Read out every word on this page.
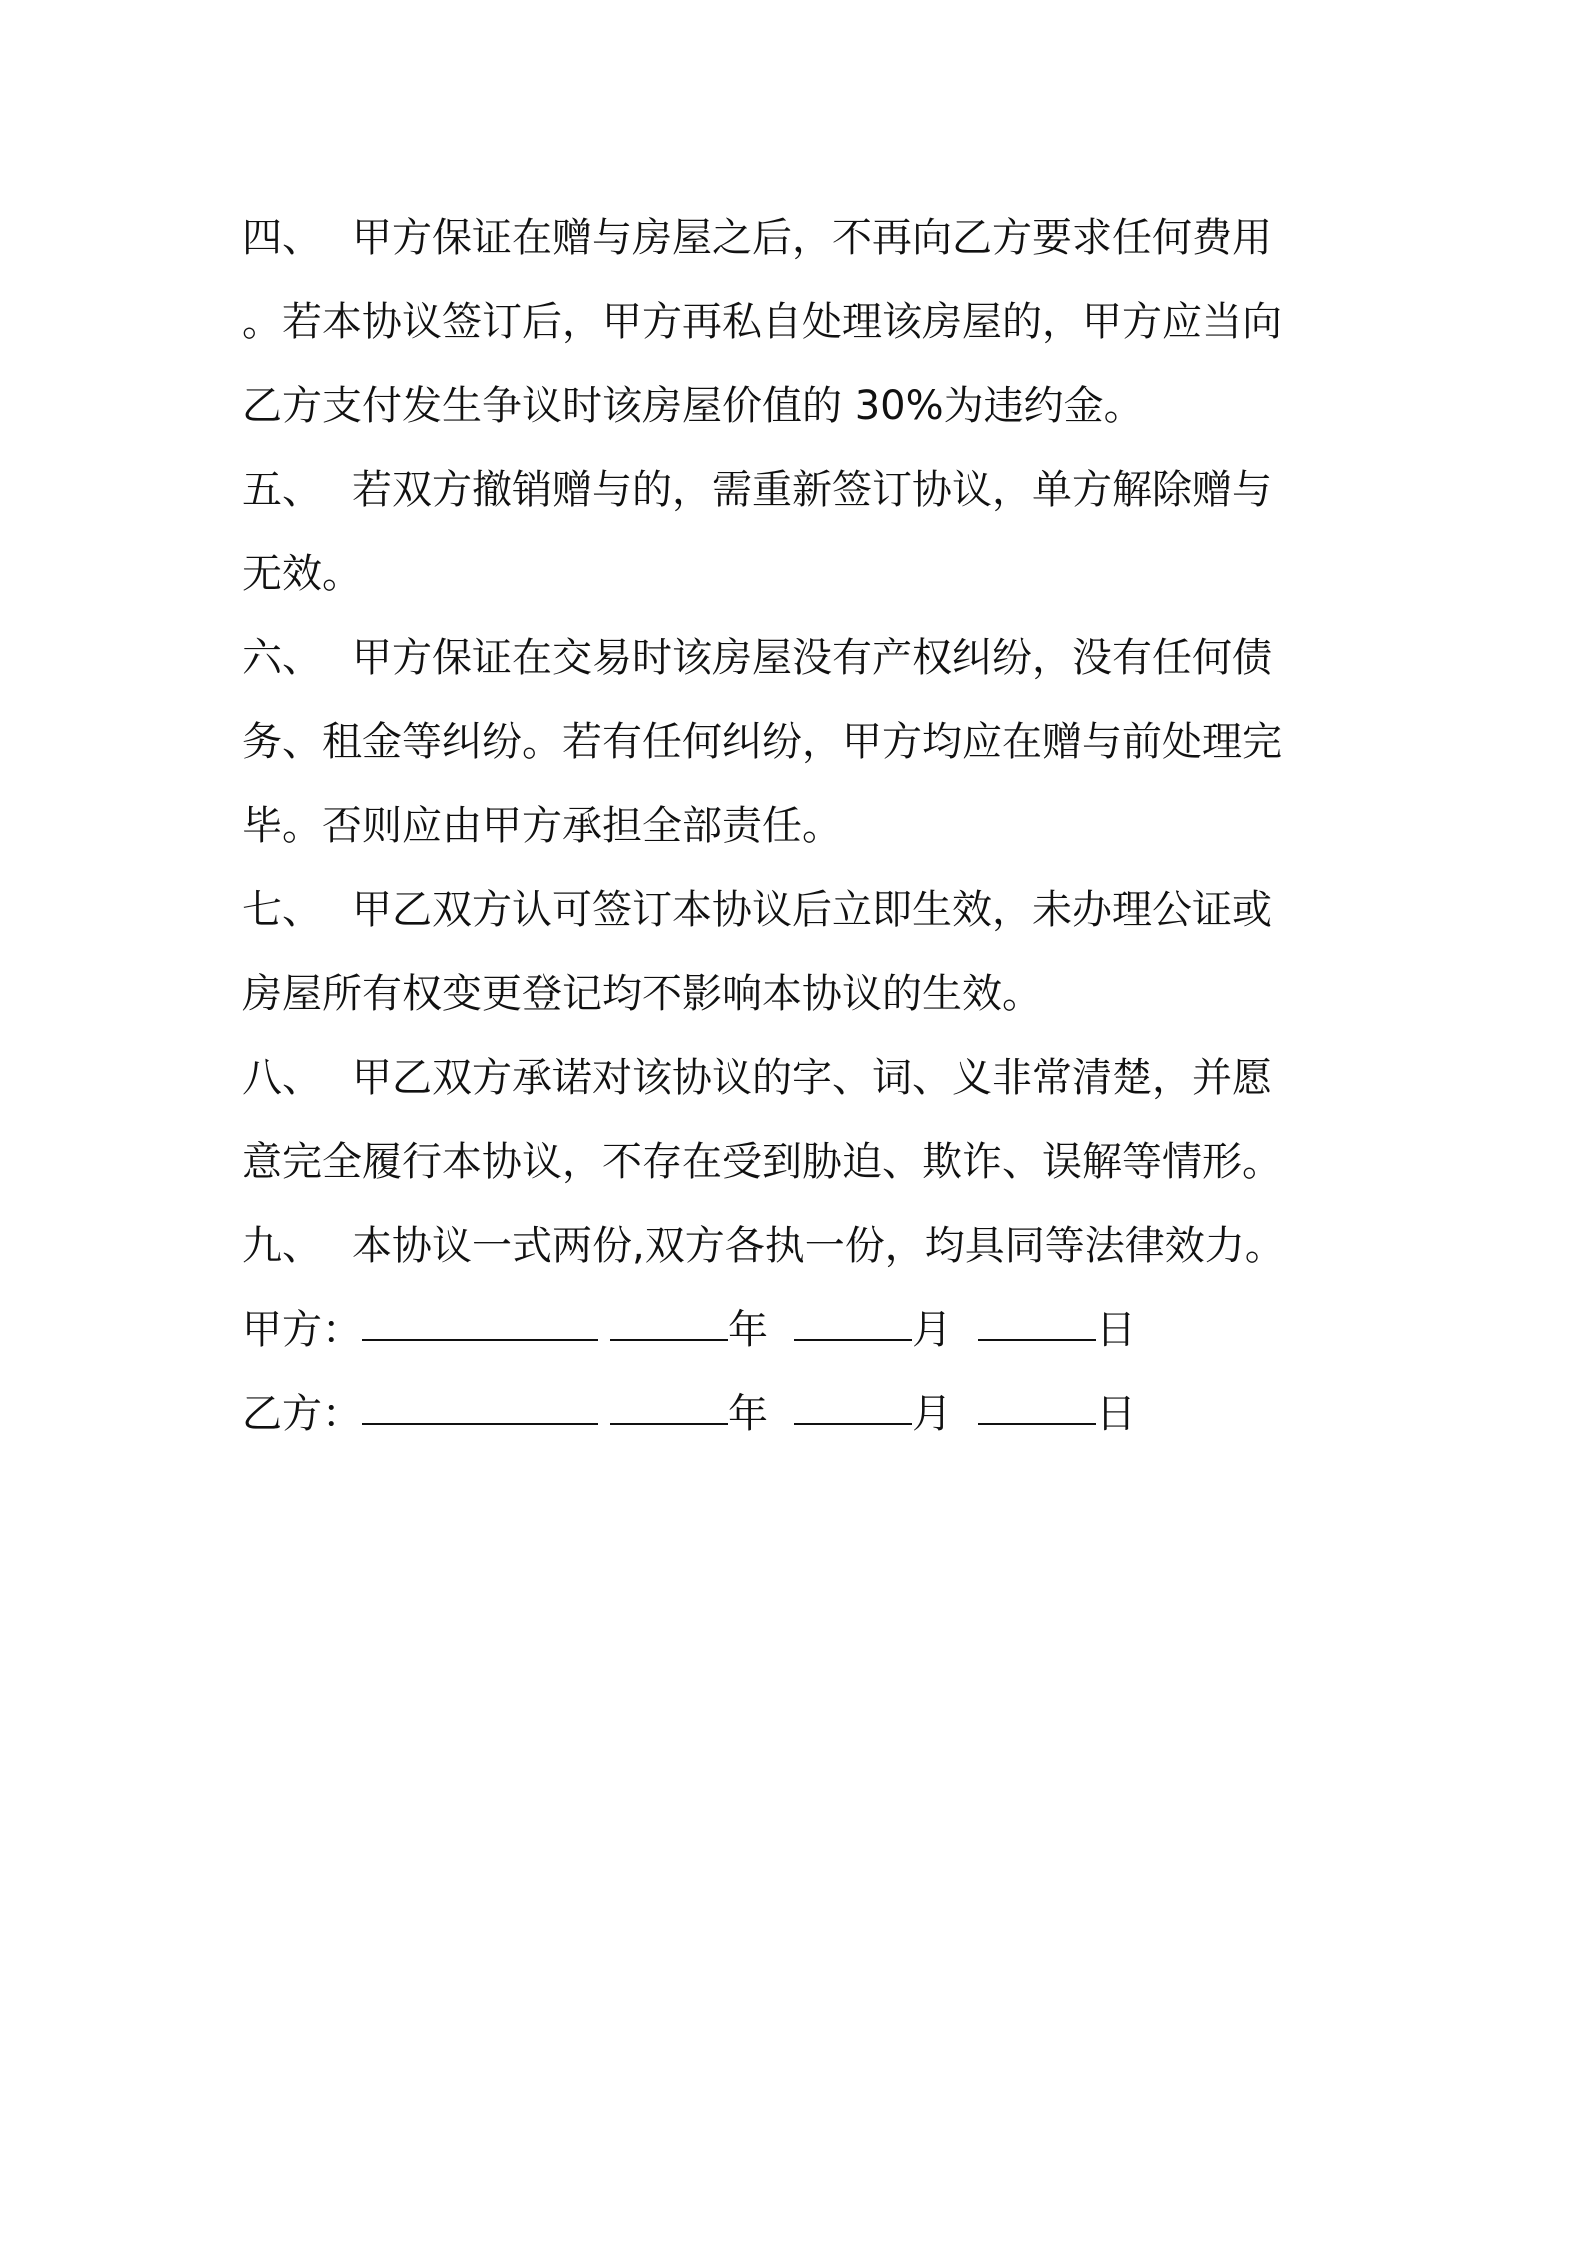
四、 甲方保证在赠与房屋之后，不再向乙方要求任何费用
。若本协议签订后，甲方再私自处理该房屋的，甲方应当向
乙方支付发生争议时该房屋价值的 30%为违约金。
五、 若双方撤销赠与的，需重新签订协议，单方解除赠与
无效。
六、 甲方保证在交易时该房屋没有产权纠纷，没有任何债
务、租金等纠纷。若有任何纠纷，甲方均应在赠与前处理完
毕。否则应由甲方承担全部责任。
七、 甲乙双方认可签订本协议后立即生效，未办理公证或
房屋所有权变更登记均不影响本协议的生效。
八、 甲乙双方承诺对该协议的字、词、义非常清楚，并愿
意完全履行本协议，不存在受到胁迫、欺诈、误解等情形。
九、 本协议一式两份,双方各执一份，均具同等法律效力。
甲方：	年	月	日
乙方：	年	月	日
